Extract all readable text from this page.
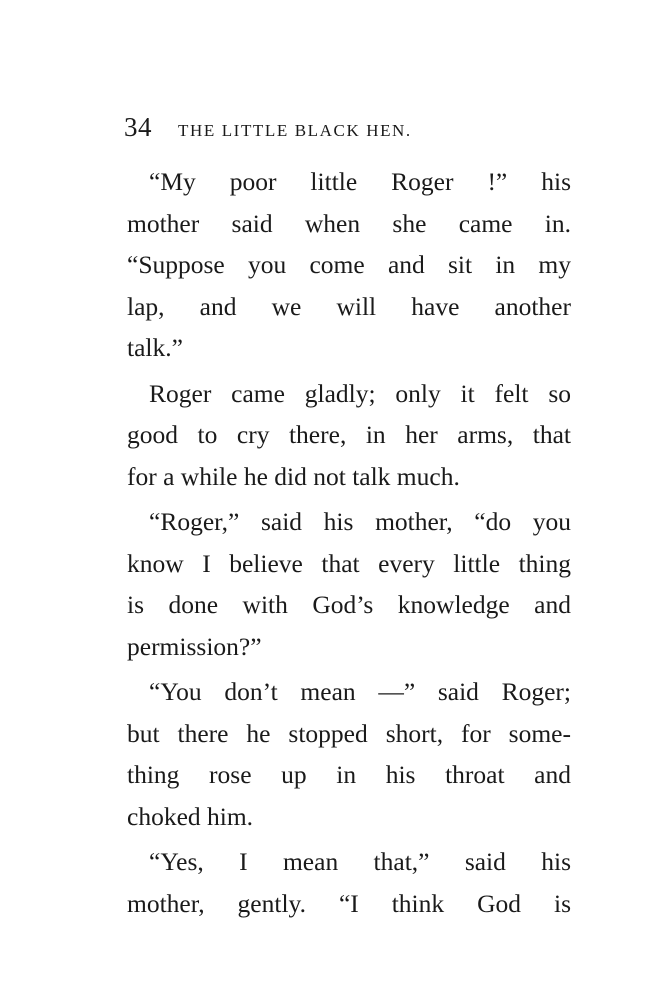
34 THE LITTLE BLACK HEN.
“My poor little Roger !” his
mother said when she came in.
“Suppose you come and sit in my
lap, and we will have another
talk.”
Roger came gladly; only it felt so
good to cry there, in her arms, that
for a while he did not talk much.
“Roger,” said his mother, “do you
know I believe that every little thing
is done with God’s knowledge and
permission?”
“You don’t mean —” said Roger;
but there he stopped short, for some-
thing rose up in his throat and
choked him.
“Yes, I mean that,” said his
mother, gently. “I think God is
